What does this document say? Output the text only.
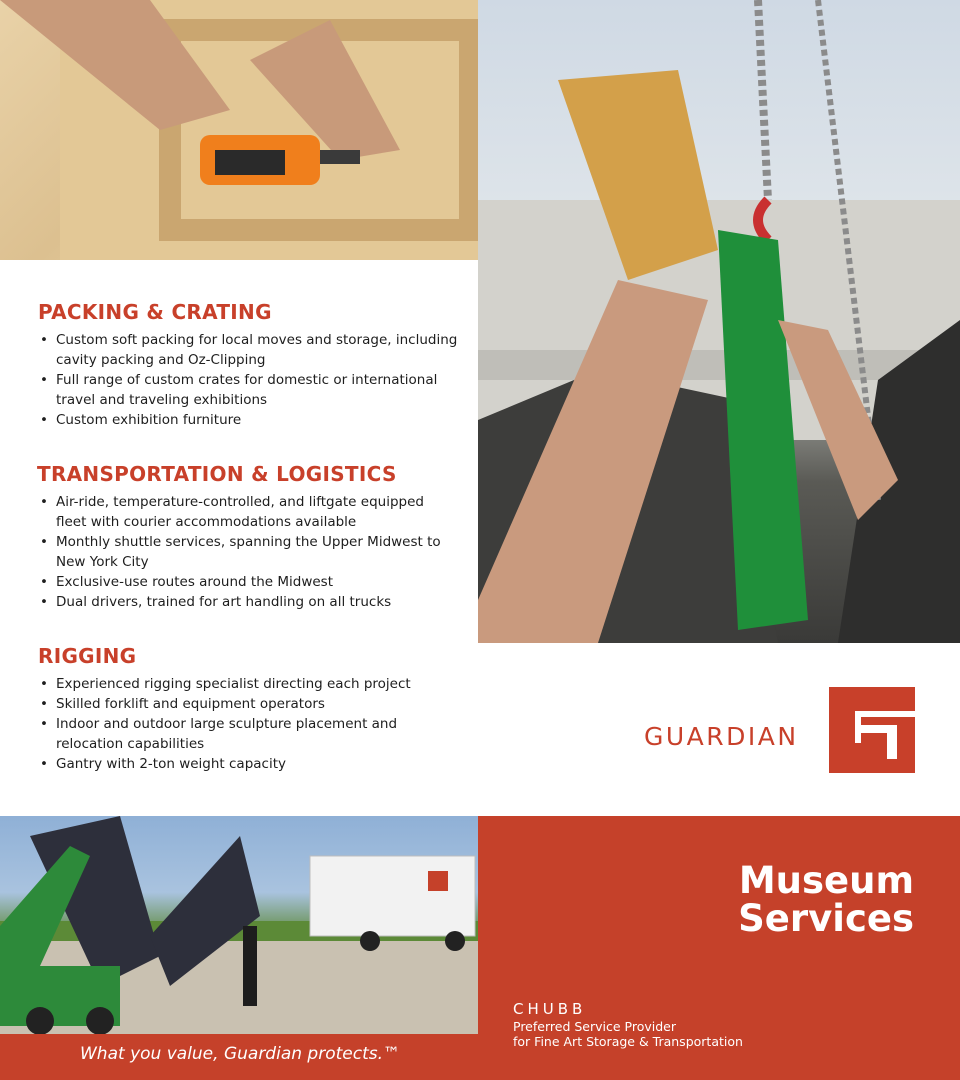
PACKING & CRATING
• Custom soft packing for local moves and storage, including cavity packing and Oz-Clipping
• Full range of custom crates for domestic or international travel and traveling exhibitions
• Custom exhibition furniture
TRANSPORTATION & LOGISTICS
• Air-ride, temperature-controlled, and liftgate equipped fleet with courier accommodations available
• Monthly shuttle services, spanning the Upper Midwest to New York City
• Exclusive-use routes around the Midwest
• Dual drivers, trained for art handling on all trucks
RIGGING
• Experienced rigging specialist directing each project
• Skilled forklift and equipment operators
• Indoor and outdoor large sculpture placement and relocation capabilities
• Gantry with 2-ton weight capacity
GUARDIAN
Museum
Services
CHUBB
Preferred Service Provider
for Fine Art Storage & Transportation
What you value, Guardian protects.™
